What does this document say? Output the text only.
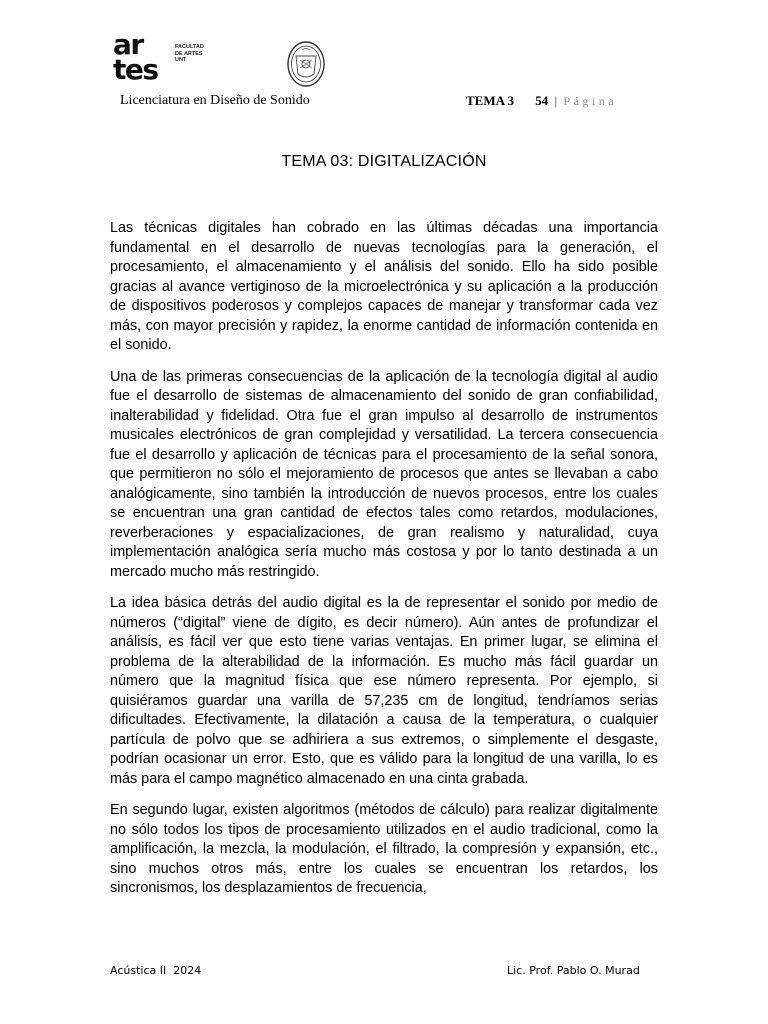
ar
tes
FACULTAD
DE ARTES
UNT
Licenciatura en Diseño de Sonido	TEMA 3 54 | Página
TEMA 03: DIGITALIZACIÓN

Las técnicas digitales han cobrado en las últimas décadas una importancia fundamental en el desarrollo de nuevas tecnologías para la generación, el procesamiento, el almacenamiento y el análisis del sonido. Ello ha sido posible gracias al avance vertiginoso de la microelectrónica y su aplicación a la producción de dispositivos poderosos y complejos capaces de manejar y transformar cada vez más, con mayor precisión y rapidez, la enorme cantidad de información contenida en el sonido.

Una de las primeras consecuencias de la aplicación de la tecnología digital al audio fue el desarrollo de sistemas de almacenamiento del sonido de gran confiabilidad, inalterabilidad y fidelidad. Otra fue el gran impulso al desarrollo de instrumentos musicales electrónicos de gran complejidad y versatilidad. La tercera consecuencia fue el desarrollo y aplicación de técnicas para el procesamiento de la señal sonora, que permitieron no sólo el mejoramiento de procesos que antes se llevaban a cabo analógicamente, sino también la introducción de nuevos procesos, entre los cuales se encuentran una gran cantidad de efectos tales como retardos, modulaciones, reverberaciones y espacializaciones, de gran realismo y naturalidad, cuya implementación analógica sería mucho más costosa y por lo tanto destinada a un mercado mucho más restringido.

La idea básica detrás del audio digital es la de representar el sonido por medio de números (“digital” viene de dígito, es decir número). Aún antes de profundizar el análisis, es fácil ver que esto tiene varias ventajas. En primer lugar, se elimina el problema de la alterabilidad de la información. Es mucho más fácil guardar un número que la magnitud física que ese número representa. Por ejemplo, si quisiéramos guardar una varilla de 57,235 cm de longitud, tendríamos serias dificultades. Efectivamente, la dilatación a causa de la temperatura, o cualquier partícula de polvo que se adhiriera a sus extremos, o simplemente el desgaste, podrían ocasionar un error. Esto, que es válido para la longitud de una varilla, lo es más para el campo magnético almacenado en una cinta grabada.

En segundo lugar, existen algoritmos (métodos de cálculo) para realizar digitalmente no sólo todos los tipos de procesamiento utilizados en el audio tradicional, como la amplificación, la mezcla, la modulación, el filtrado, la compresión y expansión, etc., sino muchos otros más, entre los cuales se encuentran los retardos, los sincronismos, los desplazamientos de frecuencia,

Acústica II  2024	Lic. Prof. Pablo O. Murad
